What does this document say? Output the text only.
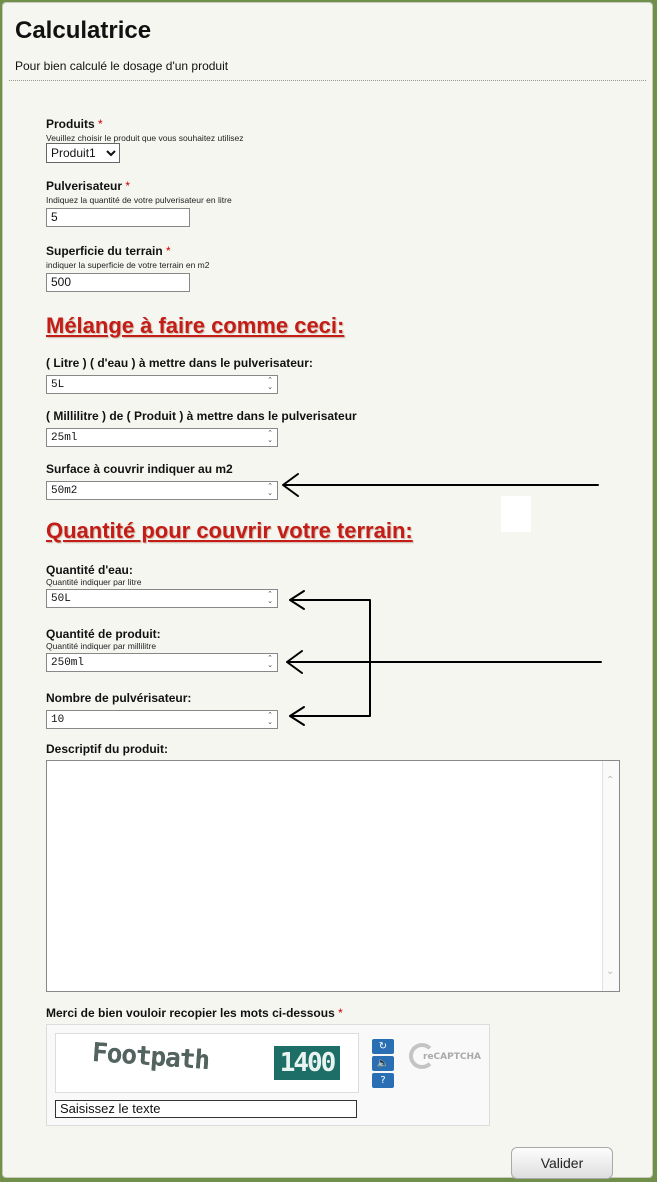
Calculatrice
Pour bien calculé le dosage d'un produit
Produits *
Veuillez choisir le produit que vous souhaitez utilisez
Produit1
Pulverisateur *
Indiquez la quantité de votre pulverisateur en litre
5
Superficie du terrain *
indiquer la superficie de votre terrain en m2
500
Mélange à faire comme ceci:
( Litre ) ( d'eau ) à mettre dans le pulverisateur:
5L	⌃
⌄
( Millilitre ) de ( Produit ) à mettre dans le pulverisateur
25ml	⌃
⌄
Surface à couvrir indiquer au m2
50m2	⌃
⌄
Quantité pour couvrir votre terrain:
Quantité d'eau:
Quantité indiquer par litre
50L	⌃
⌄
Quantité de produit:
Quantité indiquer par millilitre
250ml	⌃
⌄
Nombre de pulvérisateur:
10	⌃
⌄
Descriptif du produit:
⌃
⌄
Merci de bien vouloir recopier les mots ci-dessous *
Footpath	1400
↻
🔈
?
reCAPTCHA
Saisissez le texte
Valider
